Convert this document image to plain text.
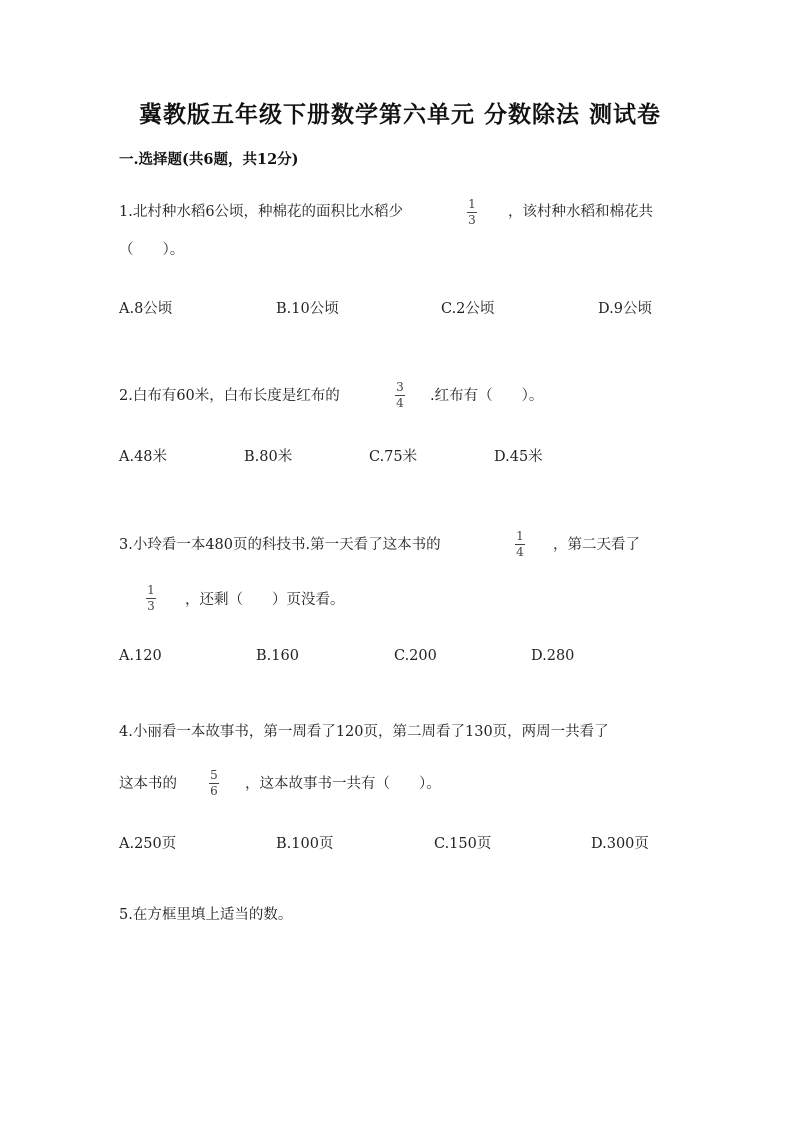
冀教版五年级下册数学第六单元 分数除法 测试卷
一.选择题(共6题，共12分)
1.北村种水稻6公顷，种棉花的面积比水稻少	1
3 ，该村种水稻和棉花共
（　　）。
A.8公顷	B.10公顷	C.2公顷	D.9公顷
2.白布有60米，白布长度是红布的
3
4 .红布有（　　）。
A.48米	B.80米	C.75米	D.45米
3.小玲看一本480页的科技书.第一天看了这本书的
1
4 ，第二天看了
1
3 ，还剩（　　）页没看。
A.120	B.160	C.200	D.280
4.小丽看一本故事书，第一周看了120页，第二周看了130页，两周一共看了
这本书的
5
6 ，这本故事书一共有（　　）。
A.250页	B.100页	C.150页	D.300页
5.在方框里填上适当的数。
